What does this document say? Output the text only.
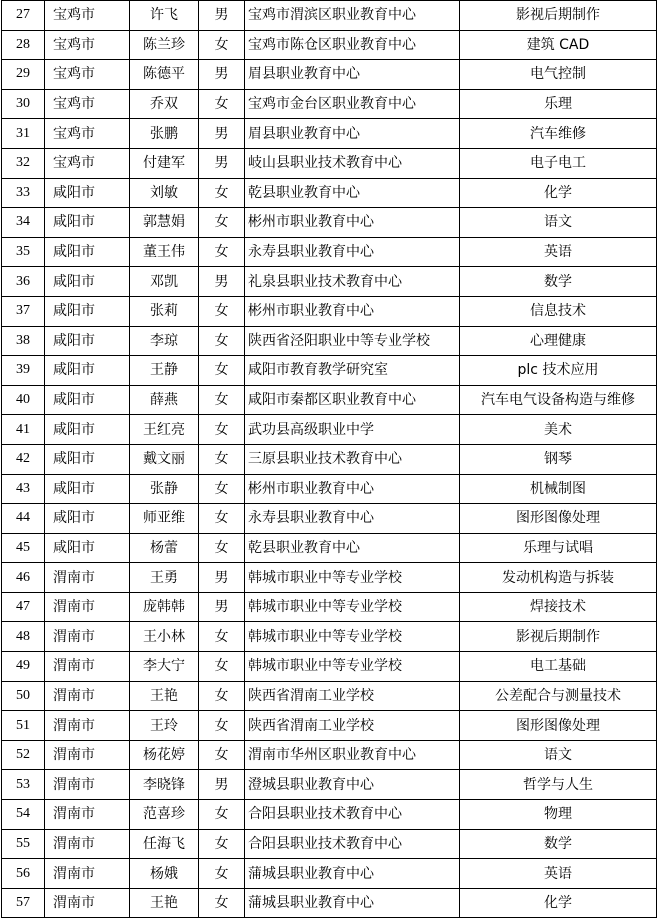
27	宝鸡市	许飞	男	宝鸡市渭滨区职业教育中心	影视后期制作
28	宝鸡市	陈兰珍	女	宝鸡市陈仓区职业教育中心	建筑 CAD
29	宝鸡市	陈德平	男	眉县职业教育中心	电气控制
30	宝鸡市	乔双	女	宝鸡市金台区职业教育中心	乐理
31	宝鸡市	张鹏	男	眉县职业教育中心	汽车维修
32	宝鸡市	付建军	男	岐山县职业技术教育中心	电子电工
33	咸阳市	刘敏	女	乾县职业教育中心	化学
34	咸阳市	郭慧娟	女	彬州市职业教育中心	语文
35	咸阳市	董王伟	女	永寿县职业教育中心	英语
36	咸阳市	邓凯	男	礼泉县职业技术教育中心	数学
37	咸阳市	张莉	女	彬州市职业教育中心	信息技术
38	咸阳市	李琼	女	陕西省泾阳职业中等专业学校	心理健康
39	咸阳市	王静	女	咸阳市教育教学研究室	plc 技术应用
40	咸阳市	薛燕	女	咸阳市秦都区职业教育中心	汽车电气设备构造与维修
41	咸阳市	王红亮	女	武功县高级职业中学	美术
42	咸阳市	戴文丽	女	三原县职业技术教育中心	钢琴
43	咸阳市	张静	女	彬州市职业教育中心	机械制图
44	咸阳市	师亚维	女	永寿县职业教育中心	图形图像处理
45	咸阳市	杨蕾	女	乾县职业教育中心	乐理与试唱
46	渭南市	王勇	男	韩城市职业中等专业学校	发动机构造与拆装
47	渭南市	庞韩韩	男	韩城市职业中等专业学校	焊接技术
48	渭南市	王小林	女	韩城市职业中等专业学校	影视后期制作
49	渭南市	李大宁	女	韩城市职业中等专业学校	电工基础
50	渭南市	王艳	女	陕西省渭南工业学校	公差配合与测量技术
51	渭南市	王玲	女	陕西省渭南工业学校	图形图像处理
52	渭南市	杨花婷	女	渭南市华州区职业教育中心	语文
53	渭南市	李晓锋	男	澄城县职业教育中心	哲学与人生
54	渭南市	范喜珍	女	合阳县职业技术教育中心	物理
55	渭南市	任海飞	女	合阳县职业技术教育中心	数学
56	渭南市	杨娥	女	蒲城县职业教育中心	英语
57	渭南市	王艳	女	蒲城县职业教育中心	化学
